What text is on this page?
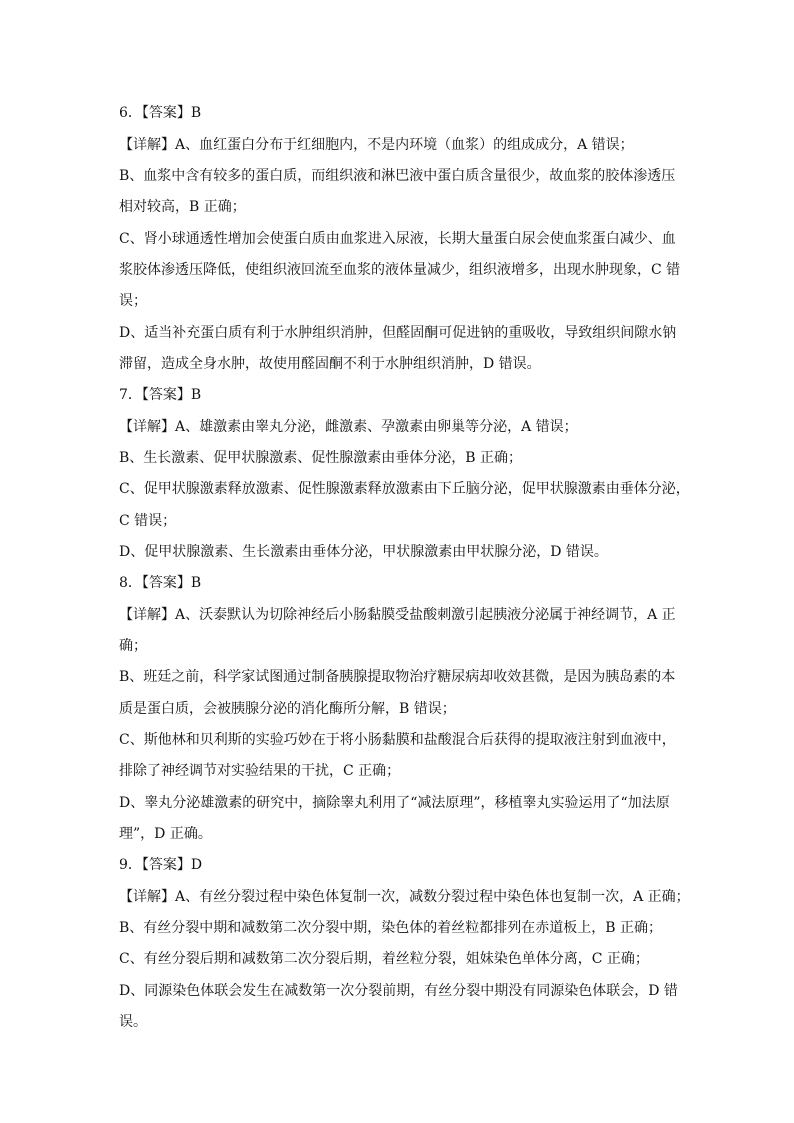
6．【答案】B
【详解】A、血红蛋白分布于红细胞内，不是内环境（血浆）的组成成分，A 错误；
B、血浆中含有较多的蛋白质，而组织液和淋巴液中蛋白质含量很少，故血浆的胶体渗透压
相对较高，B 正确；
C、肾小球通透性增加会使蛋白质由血浆进入尿液，长期大量蛋白尿会使血浆蛋白减少、血
浆胶体渗透压降低，使组织液回流至血浆的液体量减少，组织液增多，出现水肿现象，C 错
误；
D、适当补充蛋白质有利于水肿组织消肿，但醛固酮可促进钠的重吸收，导致组织间隙水钠
滞留，造成全身水肿，故使用醛固酮不利于水肿组织消肿，D 错误。
7．【答案】B
【详解】A、雄激素由睾丸分泌，雌激素、孕激素由卵巢等分泌，A 错误；
B、生长激素、促甲状腺激素、促性腺激素由垂体分泌，B 正确；
C、促甲状腺激素释放激素、促性腺激素释放激素由下丘脑分泌，促甲状腺激素由垂体分泌，
C 错误；
D、促甲状腺激素、生长激素由垂体分泌，甲状腺激素由甲状腺分泌，D 错误。
8．【答案】B
【详解】A、沃泰默认为切除神经后小肠黏膜受盐酸刺激引起胰液分泌属于神经调节，A 正
确；
B、班廷之前，科学家试图通过制备胰腺提取物治疗糖尿病却收效甚微，是因为胰岛素的本
质是蛋白质，会被胰腺分泌的消化酶所分解，B 错误；
C、斯他林和贝利斯的实验巧妙在于将小肠黏膜和盐酸混合后获得的提取液注射到血液中，
排除了神经调节对实验结果的干扰，C 正确；
D、睾丸分泌雄激素的研究中，摘除睾丸利用了“减法原理”，移植睾丸实验运用了“加法原
理”，D 正确。
9．【答案】D
【详解】A、有丝分裂过程中染色体复制一次，减数分裂过程中染色体也复制一次，A 正确；
B、有丝分裂中期和减数第二次分裂中期，染色体的着丝粒都排列在赤道板上，B 正确；
C、有丝分裂后期和减数第二次分裂后期，着丝粒分裂，姐妹染色单体分离，C 正确；
D、同源染色体联会发生在减数第一次分裂前期，有丝分裂中期没有同源染色体联会，D 错
误。
